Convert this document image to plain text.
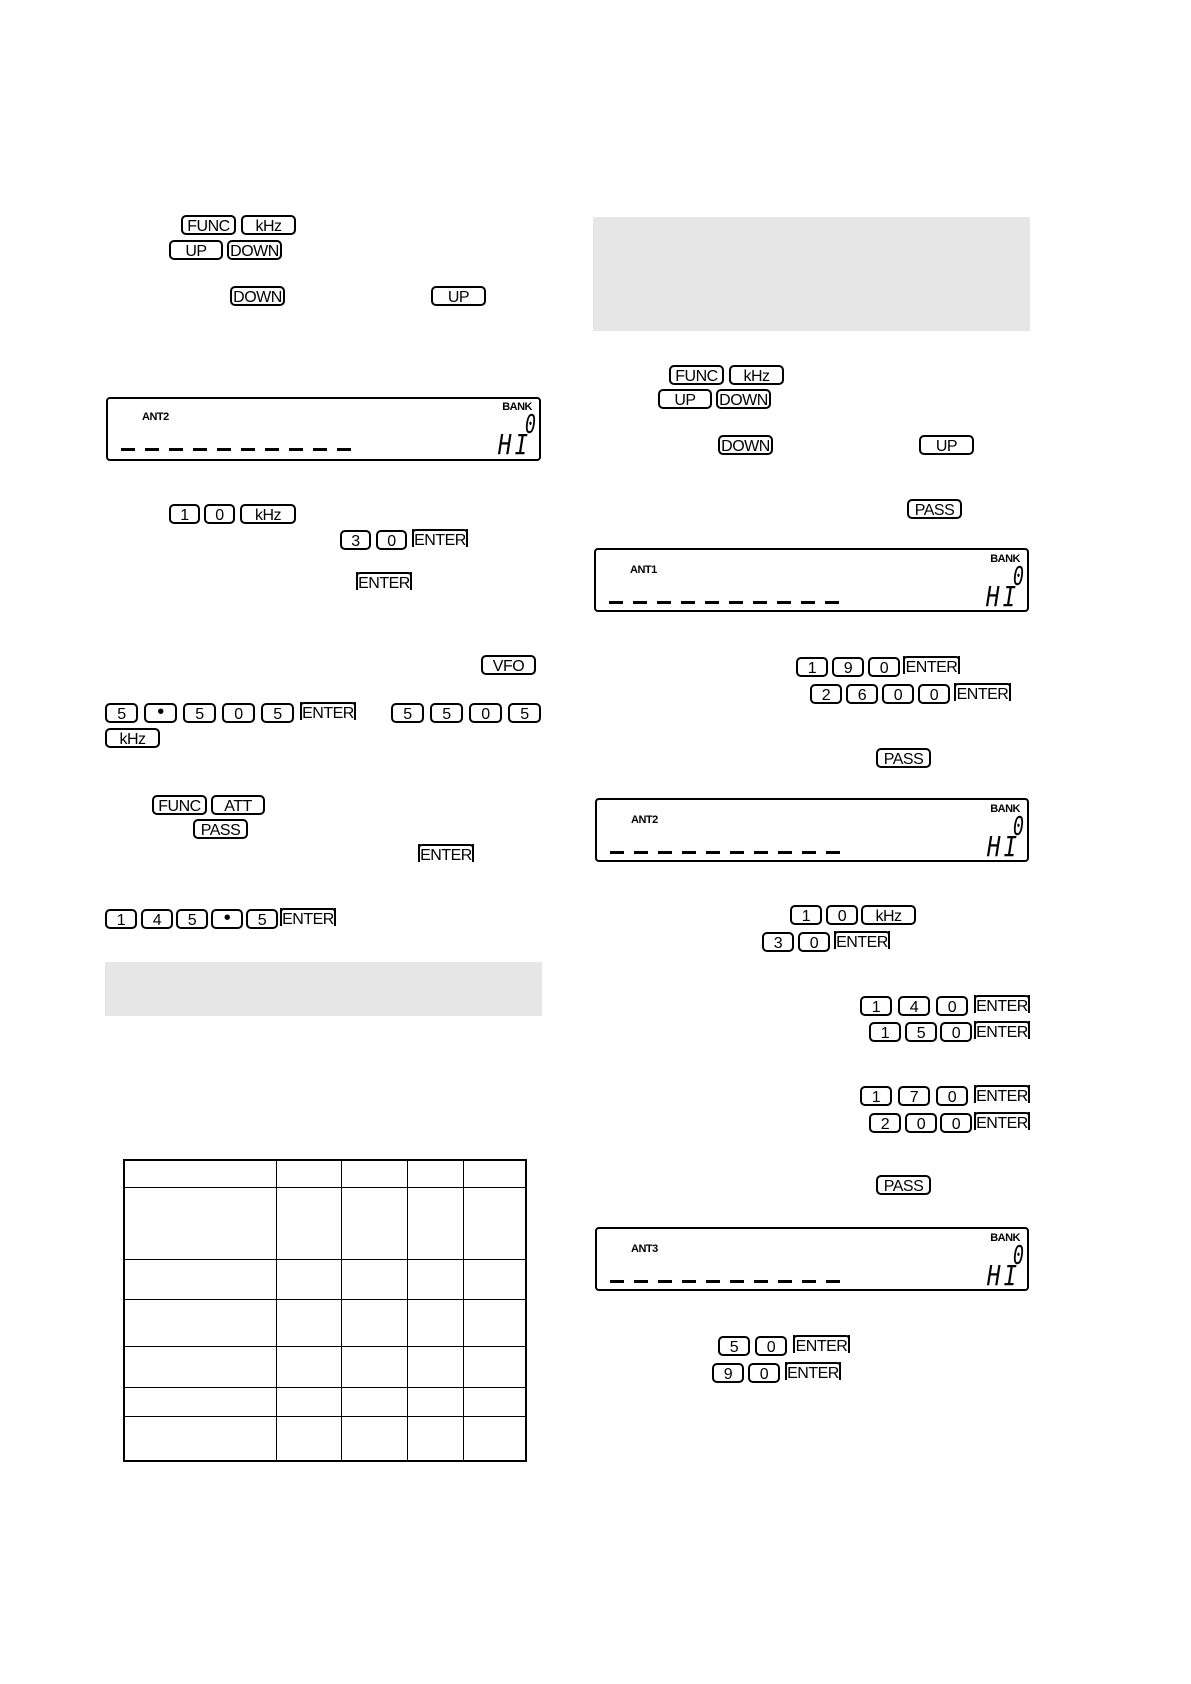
FUNC kHz
UP DOWN
DOWN	UP
ANT2
BANK
0
HI
1 0 kHz
3 0 ENTER
ENTER
VFO
5 • 5 0 5 ENTER	5 5 0 5
kHz
FUNC ATT
PASS
ENTER
1 4 5 • 5 ENTER

FUNC kHz
UP DOWN
DOWN	UP
PASS
ANT1
BANK
0
HI
1 9 0 ENTER
2 6 0 0 ENTER
PASS
ANT2
BANK
0
HI
1 0 kHz
3 0 ENTER
1 4 0 ENTER
1 5 0 ENTER
1 7 0 ENTER
2 0 0 ENTER
PASS
ANT3
BANK
0
HI
5 0 ENTER
9 0 ENTER
